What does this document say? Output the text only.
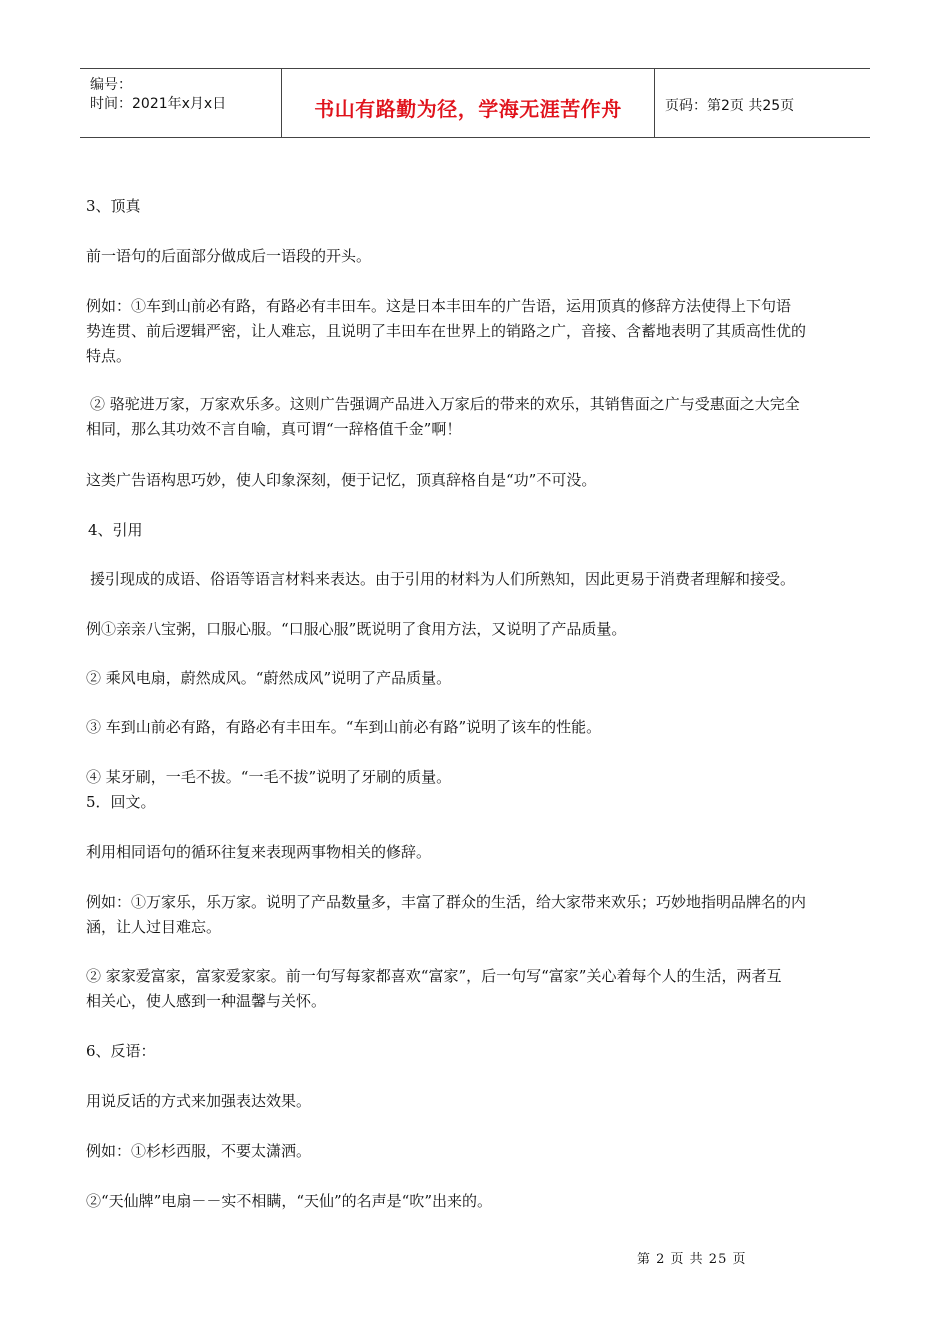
编号：
时间：2021年x月x日	书山有路勤为径，学海无涯苦作舟	页码：第2页 共25页

3、顶真

前一语句的后面部分做成后一语段的开头。

例如：①车到山前必有路，有路必有丰田车。这是日本丰田车的广告语，运用顶真的修辞方法使得上下句语

势连贯、前后逻辑严密，让人难忘，且说明了丰田车在世界上的销路之广，音接、含蓄地表明了其质高性优的

特点。

② 骆驼进万家，万家欢乐多。这则广告强调产品进入万家后的带来的欢乐，其销售面之广与受惠面之大完全

相同，那么其功效不言自喻，真可谓“一辞格值千金”啊！

这类广告语构思巧妙，使人印象深刻，便于记忆，顶真辞格自是“功”不可没。

4、引用

援引现成的成语、俗语等语言材料来表达。由于引用的材料为人们所熟知，因此更易于消费者理解和接受。

例①亲亲八宝粥，口服心服。“口服心服”既说明了食用方法，又说明了产品质量。

② 乘风电扇，蔚然成风。“蔚然成风”说明了产品质量。

③ 车到山前必有路，有路必有丰田车。“车到山前必有路”说明了该车的性能。

④ 某牙刷，一毛不拔。“一毛不拔”说明了牙刷的质量。

5．回文。

利用相同语句的循环往复来表现两事物相关的修辞。

例如：①万家乐，乐万家。说明了产品数量多，丰富了群众的生活，给大家带来欢乐；巧妙地指明品牌名的内

涵，让人过目难忘。

② 家家爱富家，富家爱家家。前一句写每家都喜欢“富家”，后一句写“富家”关心着每个人的生活，两者互

相关心，使人感到一种温馨与关怀。

6、反语：

用说反话的方式来加强表达效果。

例如：①杉杉西服，不要太潇洒。

②“天仙牌”电扇－－实不相瞒，“天仙”的名声是“吹”出来的。

第 2 页 共 25 页
